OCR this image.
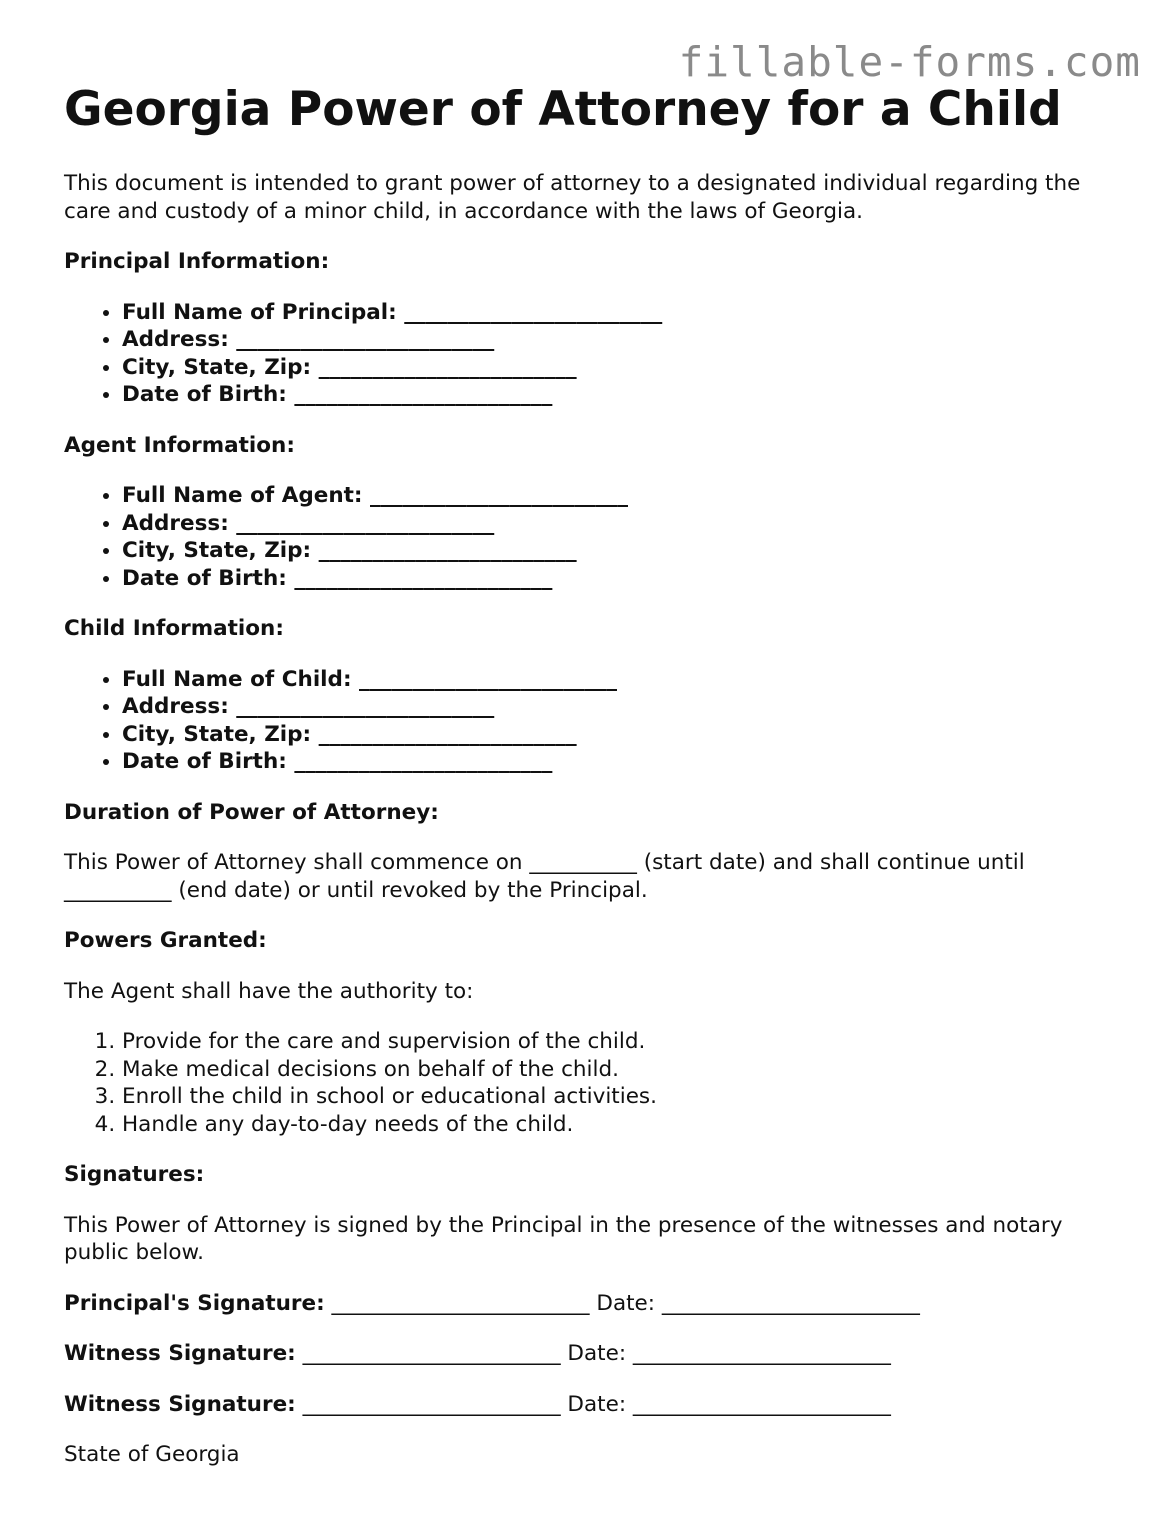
fillable-forms.com
Georgia Power of Attorney for a Child

This document is intended to grant power of attorney to a designated individual regarding the care and custody of a minor child, in accordance with the laws of Georgia.

Principal Information:

• Full Name of Principal: ________________________
• Address: ________________________
• City, State, Zip: ________________________
• Date of Birth: ________________________

Agent Information:

• Full Name of Agent: ________________________
• Address: ________________________
• City, State, Zip: ________________________
• Date of Birth: ________________________

Child Information:

• Full Name of Child: ________________________
• Address: ________________________
• City, State, Zip: ________________________
• Date of Birth: ________________________

Duration of Power of Attorney:

This Power of Attorney shall commence on __________ (start date) and shall continue until __________ (end date) or until revoked by the Principal.

Powers Granted:

The Agent shall have the authority to:

1. Provide for the care and supervision of the child.
2. Make medical decisions on behalf of the child.
3. Enroll the child in school or educational activities.
4. Handle any day-to-day needs of the child.

Signatures:

This Power of Attorney is signed by the Principal in the presence of the witnesses and notary public below.

Principal's Signature: ________________________ Date: ________________________

Witness Signature: ________________________ Date: ________________________

Witness Signature: ________________________ Date: ________________________

State of Georgia
